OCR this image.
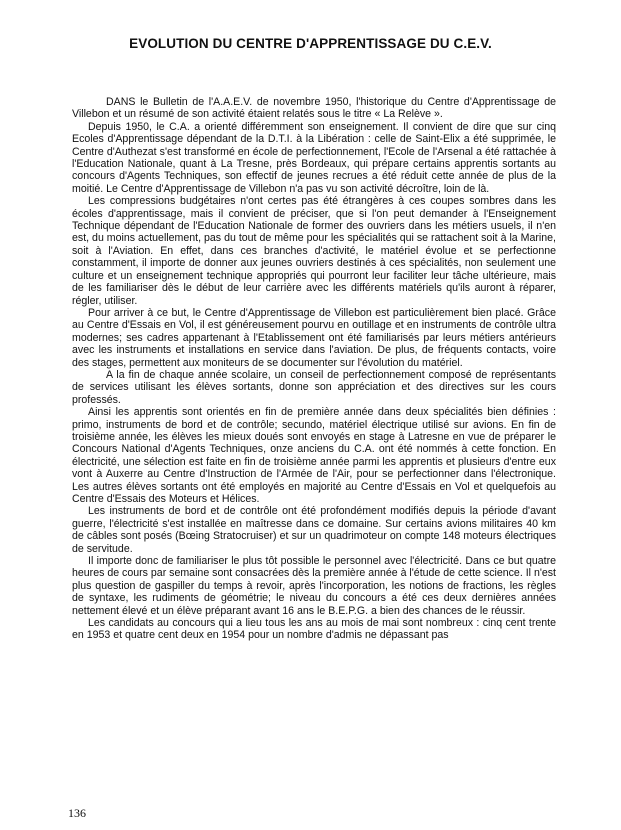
EVOLUTION DU CENTRE D'APPRENTISSAGE DU C.E.V.

DANS le Bulletin de l'A.A.E.V. de novembre 1950, l'historique du Centre d'Apprentissage de Villebon et un résumé de son activité étaient relatés sous le titre « La Relève ».

Depuis 1950, le C.A. a orienté différemment son enseignement. Il convient de dire que sur cinq Ecoles d'Apprentissage dépendant de la D.T.I. à la Libération : celle de Saint-Elix a été supprimée, le Centre d'Authezat s'est transformé en école de perfectionnement, l'Ecole de l'Arsenal a été rattachée à l'Education Nationale, quant à La Tresne, près Bordeaux, qui prépare certains apprentis sortants au concours d'Agents Techniques, son effectif de jeunes recrues a été réduit cette année de plus de la moitié. Le Centre d'Apprentissage de Villebon n'a pas vu son activité décroître, loin de là.

Les compressions budgétaires n'ont certes pas été étrangères à ces coupes sombres dans les écoles d'apprentissage, mais il convient de préciser, que si l'on peut demander à l'Enseignement Technique dépendant de l'Education Nationale de former des ouvriers dans les métiers usuels, il n'en est, du moins actuellement, pas du tout de même pour les spécialités qui se rattachent soit à la Marine, soit à l'Aviation. En effet, dans ces branches d'activité, le matériel évolue et se perfectionne constamment, il importe de donner aux jeunes ouvriers destinés à ces spécialités, non seulement une culture et un enseignement technique appropriés qui pourront leur faciliter leur tâche ultérieure, mais de les familiariser dès le début de leur carrière avec les différents matériels qu'ils auront à réparer, régler, utiliser.

Pour arriver à ce but, le Centre d'Apprentissage de Villebon est particulièrement bien placé. Grâce au Centre d'Essais en Vol, il est généreusement pourvu en outillage et en instruments de contrôle ultra modernes; ses cadres appartenant à l'Etablissement ont été familiarisés par leurs métiers antérieurs avec les instruments et installations en service dans l'aviation. De plus, de fréquents contacts, voire des stages, permettent aux moniteurs de se documenter sur l'évolution du matériel.

A la fin de chaque année scolaire, un conseil de perfectionnement composé de représentants de services utilisant les élèves sortants, donne son appréciation et des directives sur les cours professés.

Ainsi les apprentis sont orientés en fin de première année dans deux spécialités bien définies : primo, instruments de bord et de contrôle; secundo, matériel électrique utilisé sur avions. En fin de troisième année, les élèves les mieux doués sont envoyés en stage à Latresne en vue de préparer le Concours National d'Agents Techniques, onze anciens du C.A. ont été nommés à cette fonction. En électricité, une sélection est faite en fin de troisième année parmi les apprentis et plusieurs d'entre eux vont à Auxerre au Centre d'Instruction de l'Armée de l'Air, pour se perfectionner dans l'électronique. Les autres élèves sortants ont été employés en majorité au Centre d'Essais en Vol et quelquefois au Centre d'Essais des Moteurs et Hélices.

Les instruments de bord et de contrôle ont été profondément modifiés depuis la période d'avant guerre, l'électricité s'est installée en maîtresse dans ce domaine. Sur certains avions militaires 40 km de câbles sont posés (Bœing Stratocruiser) et sur un quadrimoteur on compte 148 moteurs électriques de servitude.

Il importe donc de familiariser le plus tôt possible le personnel avec l'électricité. Dans ce but quatre heures de cours par semaine sont consacrées dès la première année à l'étude de cette science. Il n'est plus question de gaspiller du temps à revoir, après l'incorporation, les notions de fractions, les règles de syntaxe, les rudiments de géométrie; le niveau du concours a été ces deux dernières années nettement élevé et un élève préparant avant 16 ans le B.E.P.G. a bien des chances de le réussir.

Les candidats au concours qui a lieu tous les ans au mois de mai sont nombreux : cinq cent trente en 1953 et quatre cent deux en 1954 pour un nombre d'admis ne dépassant pas

136
